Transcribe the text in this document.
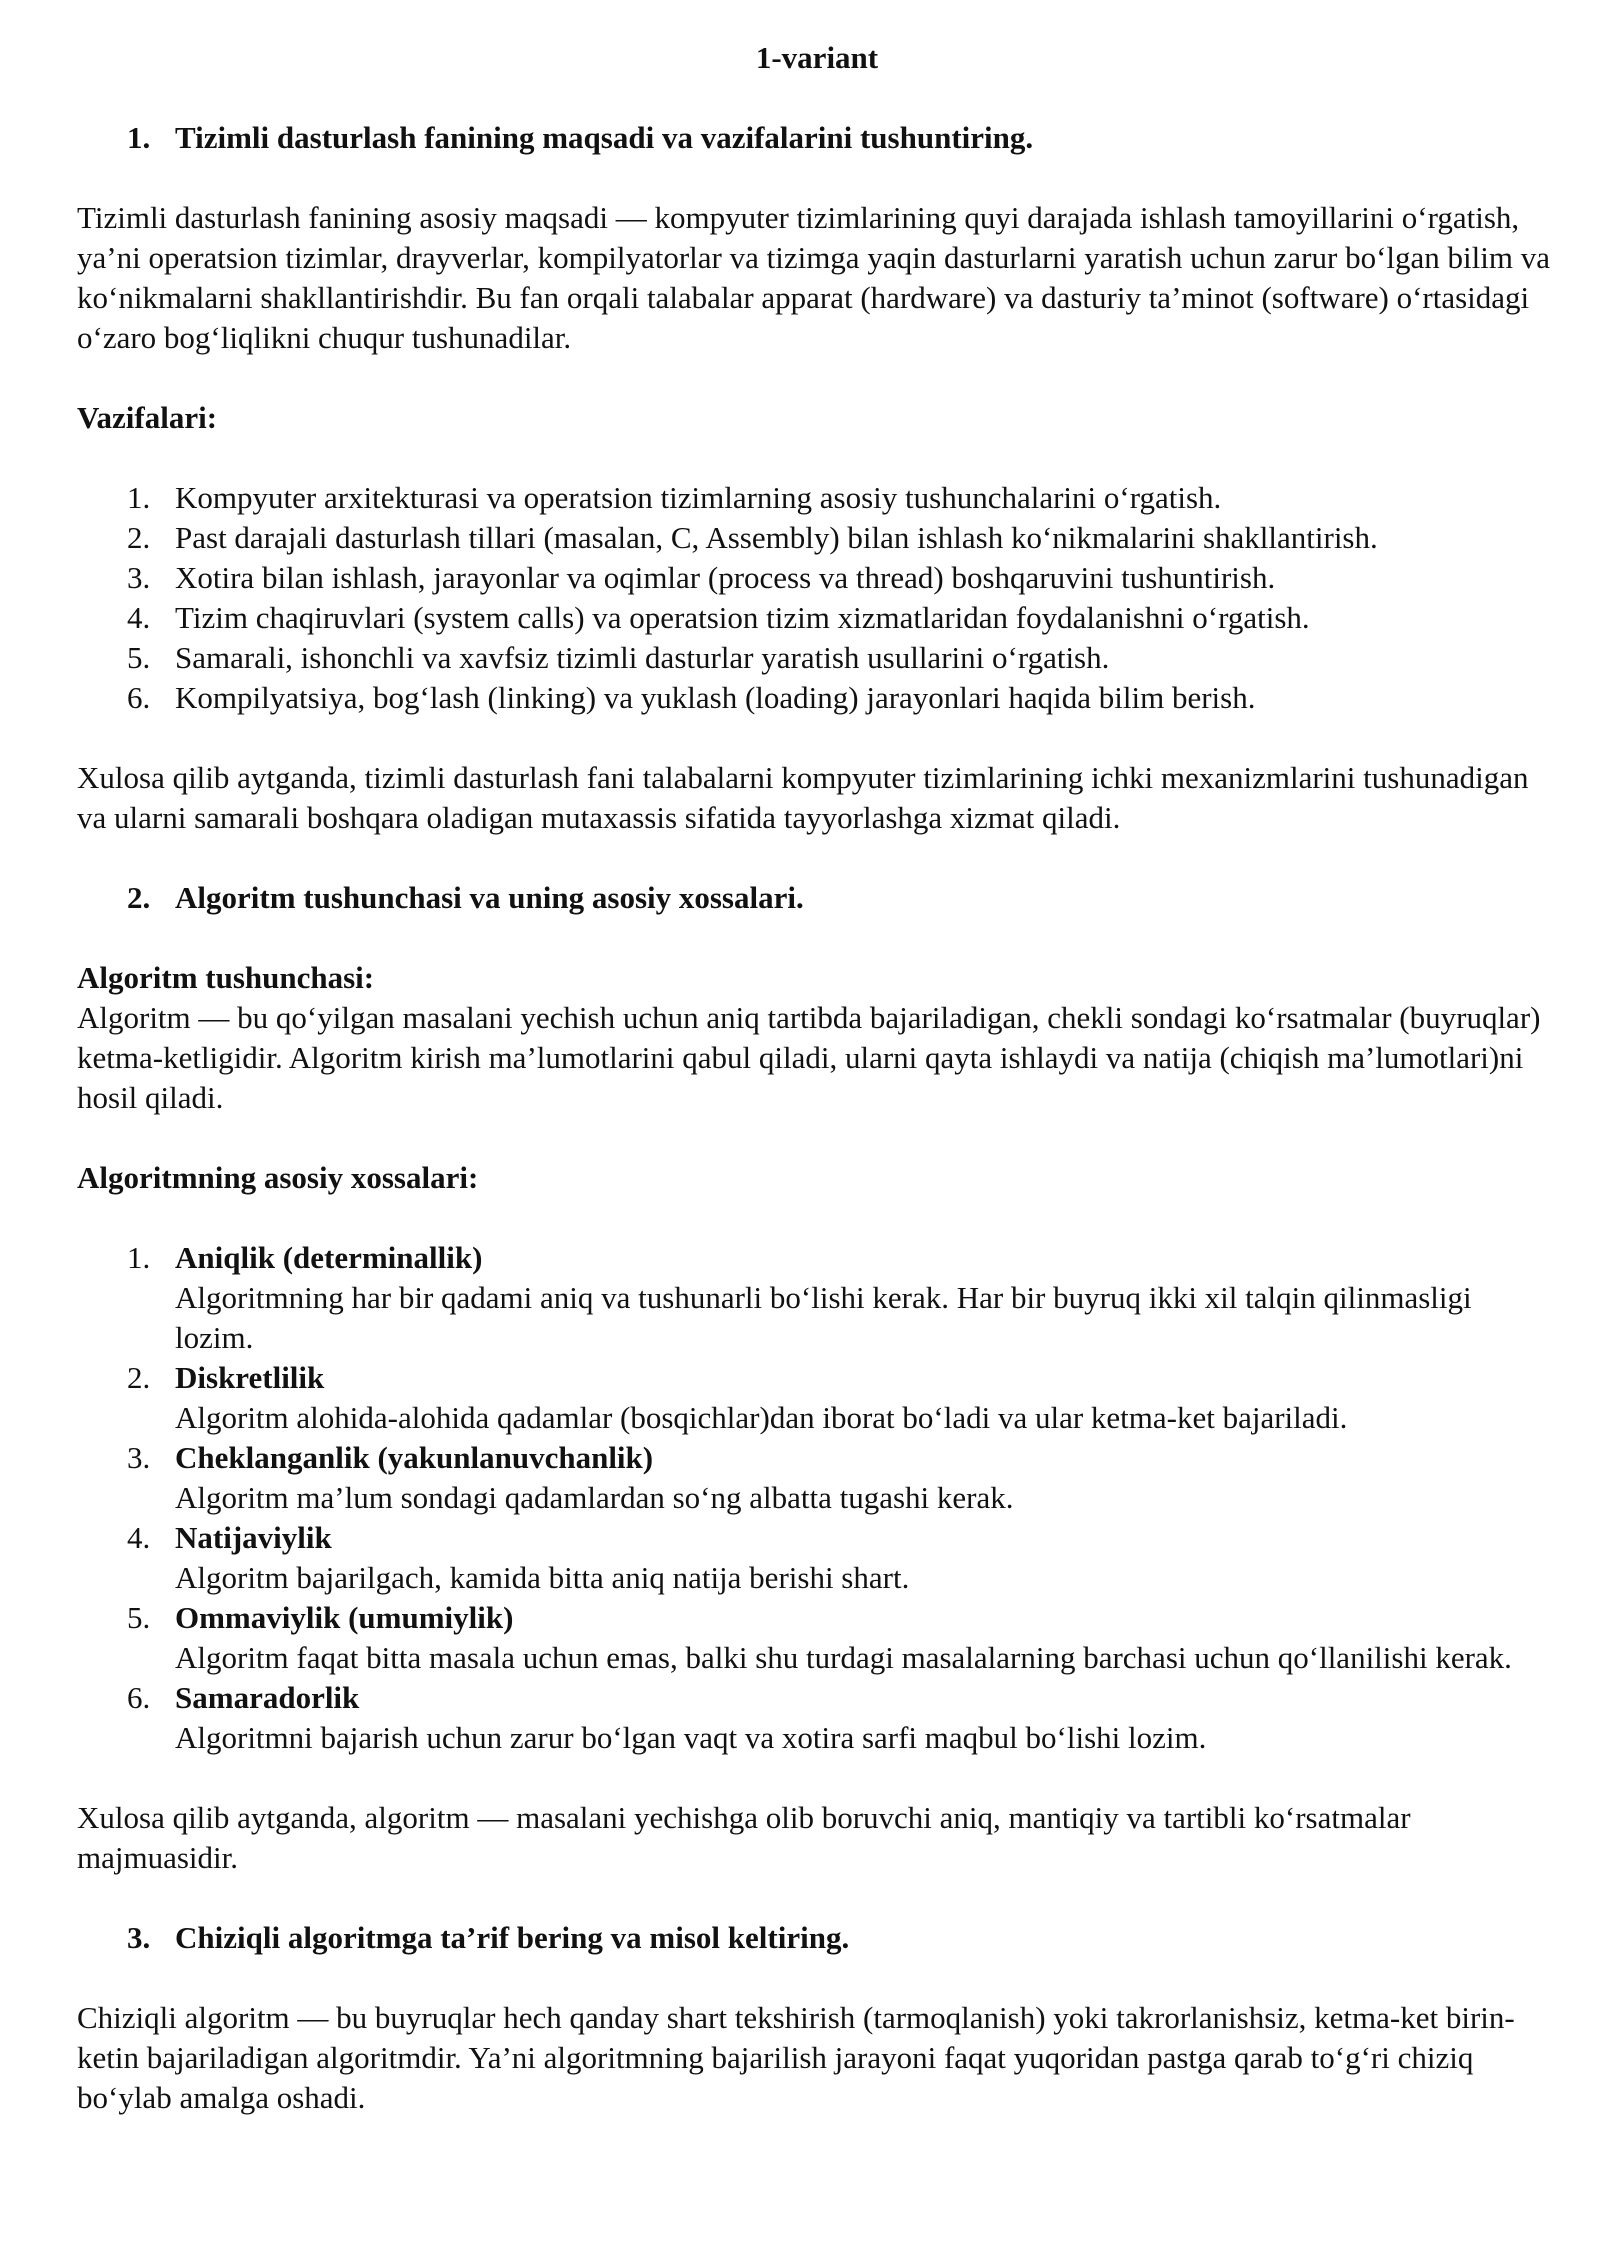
1-variant
1. Tizimli dasturlash fanining maqsadi va vazifalarini tushuntiring.

Tizimli dasturlash fanining asosiy maqsadi — kompyuter tizimlarining quyi darajada ishlash tamoyillarini o‘rgatish, ya’ni operatsion tizimlar, drayverlar, kompilyatorlar va tizimga yaqin dasturlarni yaratish uchun zarur bo‘lgan bilim va ko‘nikmalarni shakllantirishdir. Bu fan orqali talabalar apparat (hardware) va dasturiy ta’minot (software) o‘rtasidagi o‘zaro bog‘liqlikni chuqur tushunadilar.

Vazifalari:
1. Kompyuter arxitekturasi va operatsion tizimlarning asosiy tushunchalarini o‘rgatish.
2. Past darajali dasturlash tillari (masalan, C, Assembly) bilan ishlash ko‘nikmalarini shakllantirish.
3. Xotira bilan ishlash, jarayonlar va oqimlar (process va thread) boshqaruvini tushuntirish.
4. Tizim chaqiruvlari (system calls) va operatsion tizim xizmatlaridan foydalanishni o‘rgatish.
5. Samarali, ishonchli va xavfsiz tizimli dasturlar yaratish usullarini o‘rgatish.
6. Kompilyatsiya, bog‘lash (linking) va yuklash (loading) jarayonlari haqida bilim berish.

Xulosa qilib aytganda, tizimli dasturlash fani talabalarni kompyuter tizimlarining ichki mexanizmlarini tushunadigan va ularni samarali boshqara oladigan mutaxassis sifatida tayyorlashga xizmat qiladi.

2. Algoritm tushunchasi va uning asosiy xossalari.
Algoritm tushunchasi:

Algoritm — bu qo‘yilgan masalani yechish uchun aniq tartibda bajariladigan, chekli sondagi ko‘rsatmalar (buyruqlar) ketma-ketligidir. Algoritm kirish ma’lumotlarini qabul qiladi, ularni qayta ishlaydi va natija (chiqish ma’lumotlari)ni hosil qiladi.

Algoritmning asosiy xossalari:
1. Aniqlik (determinallik)
Algoritmning har bir qadami aniq va tushunarli bo‘lishi kerak. Har bir buyruq ikki xil talqin qilinmasligi lozim.
2. Diskretlilik
Algoritm alohida-alohida qadamlar (bosqichlar)dan iborat bo‘ladi va ular ketma-ket bajariladi.
3. Cheklanganlik (yakunlanuvchanlik)
Algoritm ma’lum sondagi qadamlardan so‘ng albatta tugashi kerak.
4. Natijaviylik
Algoritm bajarilgach, kamida bitta aniq natija berishi shart.
5. Ommaviylik (umumiylik)
Algoritm faqat bitta masala uchun emas, balki shu turdagi masalalarning barchasi uchun qo‘llanilishi kerak.
6. Samaradorlik
Algoritmni bajarish uchun zarur bo‘lgan vaqt va xotira sarfi maqbul bo‘lishi lozim.

Xulosa qilib aytganda, algoritm — masalani yechishga olib boruvchi aniq, mantiqiy va tartibli ko‘rsatmalar majmuasidir.

3. Chiziqli algoritmga ta’rif bering va misol keltiring.

Chiziqli algoritm — bu buyruqlar hech qanday shart tekshirish (tarmoqlanish) yoki takrorlanishsiz, ketma-ket birin-ketin bajariladigan algoritmdir. Ya’ni algoritmning bajarilish jarayoni faqat yuqoridan pastga qarab to‘g‘ri chiziq bo‘ylab amalga oshadi.
